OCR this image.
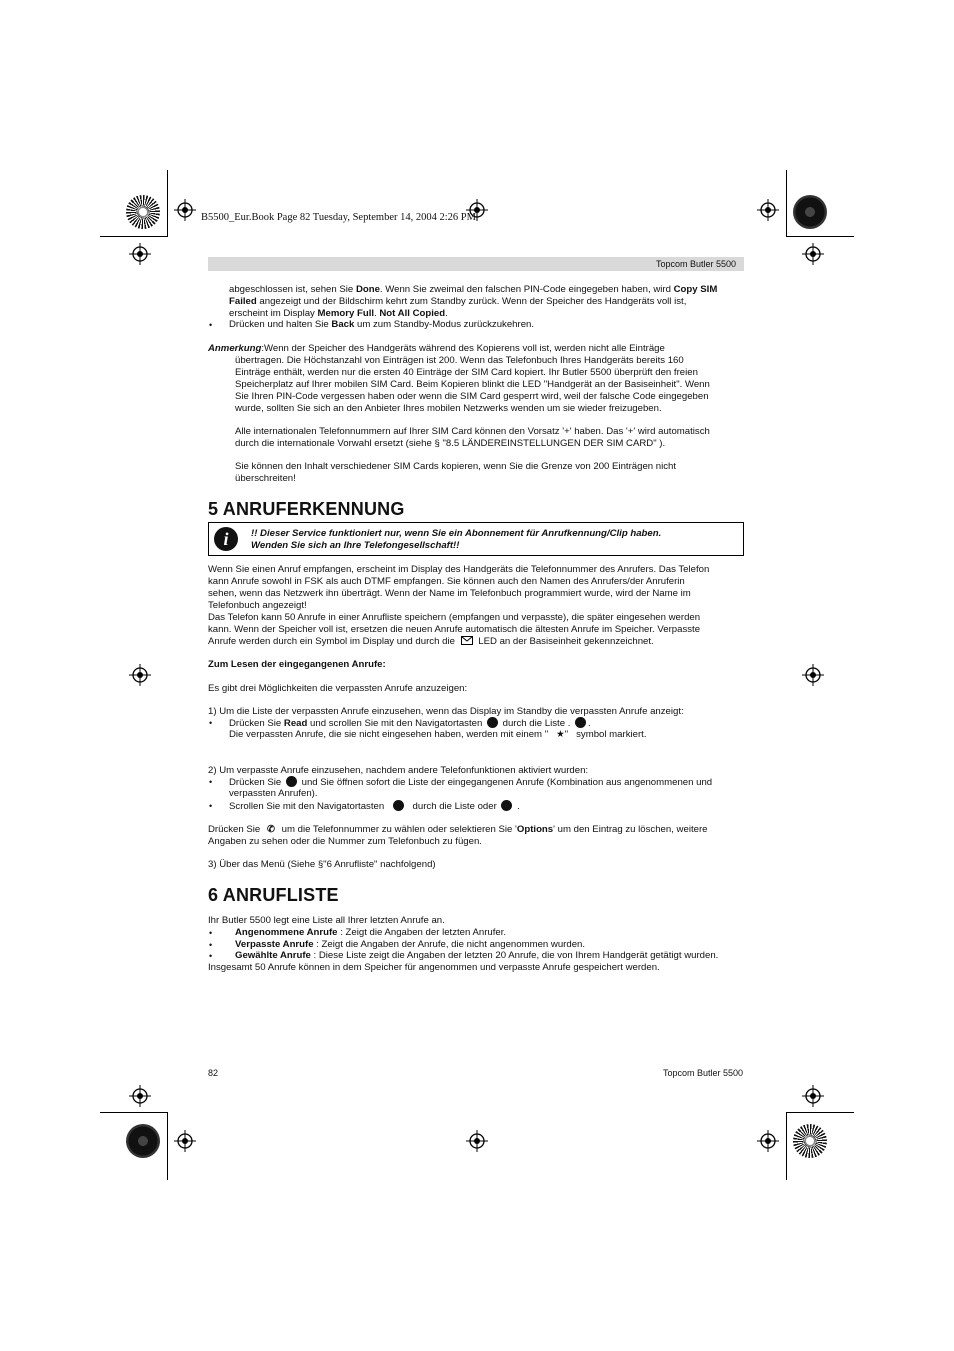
B5500_Eur.Book Page 82 Tuesday, September 14, 2004 2:26 PM
Topcom Butler 5500
abgeschlossen ist, sehen Sie Done. Wenn Sie zweimal den falschen PIN-Code eingegeben haben, wird Copy SIM
Failed angezeigt und der Bildschirm kehrt zum Standby zurück. Wenn der Speicher des Handgeräts voll ist,
erscheint im Display Memory Full. Not All Copied.
• Drücken und halten Sie Back um zum Standby-Modus zurückzukehren.
Anmerkung:Wenn der Speicher des Handgeräts während des Kopierens voll ist, werden nicht alle Einträge
übertragen. Die Höchstanzahl von Einträgen ist 200. Wenn das Telefonbuch Ihres Handgeräts bereits 160
Einträge enthält, werden nur die ersten 40 Einträge der SIM Card kopiert. Ihr Butler 5500 überprüft den freien
Speicherplatz auf Ihrer mobilen SIM Card. Beim Kopieren blinkt die LED "Handgerät an der Basiseinheit". Wenn
Sie Ihren PIN-Code vergessen haben oder wenn die SIM Card gesperrt wird, weil der falsche Code eingegeben
wurde, sollten Sie sich an den Anbieter Ihres mobilen Netzwerks wenden um sie wieder freizugeben.
Alle internationalen Telefonnummern auf Ihrer SIM Card können den Vorsatz '+' haben. Das '+' wird automatisch
durch die internationale Vorwahl ersetzt (siehe § "8.5 LÄNDEREINSTELLUNGEN DER SIM CARD" ).
Sie können den Inhalt verschiedener SIM Cards kopieren, wenn Sie die Grenze von 200 Einträgen nicht
überschreiten!
5 ANRUFERKENNUNG
i	!! Dieser Service funktioniert nur, wenn Sie ein Abonnement für Anrufkennung/Clip haben.
Wenden Sie sich an Ihre Telefongesellschaft!!
Wenn Sie einen Anruf empfangen, erscheint im Display des Handgeräts die Telefonnummer des Anrufers. Das Telefon
kann Anrufe sowohl in FSK als auch DTMF empfangen. Sie können auch den Namen des Anrufers/der Anruferin
sehen, wenn das Netzwerk ihn überträgt. Wenn der Name im Telefonbuch programmiert wurde, wird der Name im
Telefonbuch angezeigt!
Das Telefon kann 50 Anrufe in einer Anrufliste speichern (empfangen und verpasste), die später eingesehen werden
kann. Wenn der Speicher voll ist, ersetzen die neuen Anrufe automatisch die ältesten Anrufe im Speicher. Verpasste
Anrufe werden durch ein Symbol im Display und durch die LED an der Basiseinheit gekennzeichnet.
Zum Lesen der eingegangenen Anrufe:
Es gibt drei Möglichkeiten die verpassten Anrufe anzuzeigen:
1) Um die Liste der verpassten Anrufe einzusehen, wenn das Display im Standby die verpassten Anrufe anzeigt:
• Drücken Sie Read und scrollen Sie mit den Navigatortasten  durch die Liste . .
Die verpassten Anrufe, die sie nicht eingesehen haben, werden mit einem " ★" symbol markiert.
2) Um verpasste Anrufe einzusehen, nachdem andere Telefonfunktionen aktiviert wurden:
• Drücken Sie und Sie öffnen sofort die Liste der eingegangenen Anrufe (Kombination aus angenommenen und
verpassten Anrufen).
• Scrollen Sie mit den Navigatortasten	durch die Liste oder  .
Drücken Sie ✆ um die Telefonnummer zu wählen oder selektieren Sie 'Options' um den Eintrag zu löschen, weitere
Angaben zu sehen oder die Nummer zum Telefonbuch zu fügen.
3) Über das Menü (Siehe §"6 Anrufliste" nachfolgend)
6 ANRUFLISTE
Ihr Butler 5500 legt eine Liste all Ihrer letzten Anrufe an.
• Angenommene Anrufe : Zeigt die Angaben der letzten Anrufer.
• Verpasste Anrufe : Zeigt die Angaben der Anrufe, die nicht angenommen wurden.
• Gewählte Anrufe : Diese Liste zeigt die Angaben der letzten 20 Anrufe, die von Ihrem Handgerät getätigt wurden.
Insgesamt 50 Anrufe können in dem Speicher für angenommen und verpasste Anrufe gespeichert werden.
82	Topcom Butler 5500
